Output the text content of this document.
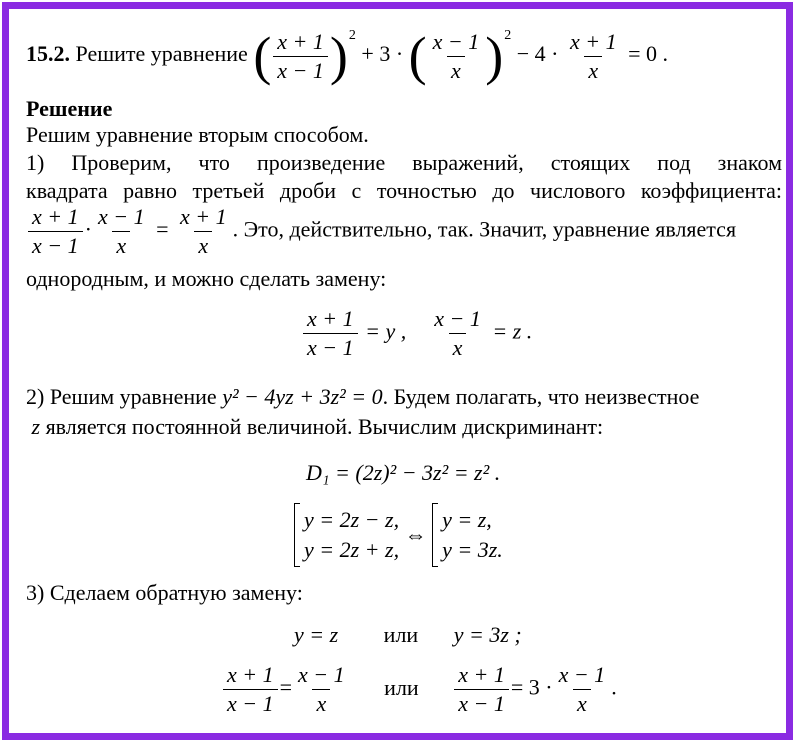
15.2. Решите уравнение ( $\frac{x + 1}{x - 1} )^2 + 3$ · ( $\frac{x - 1}{x} )^2 - 4 \cdot \frac{x + 1}{x} = 0$ .
Решение
Решим уравнение вторым способом.
1) Проверим, что произведение выражений, стоящих под знаком
квадрата равно третьей дроби с точностью до числового коэффициента:
$\frac{x + 1}{x - 1} \cdot \frac{x - 1}{x} = \frac{x + 1}{x}$ . Это, действительно, так. Значит, уравнение является
однородным, и можно сделать замену:
$\frac{x + 1}{x - 1} = y$ , $\frac{x - 1}{x} = z$ .
2) Решим уравнение y² − 4yz + 3z² = 0. Будем полагать, что неизвестное
z является постоянной величиной. Вычислим дискриминант:
D₁ = (2z)² − 3z² = z² .
y = 2z − z,
y = 2z + z,
⇔
y = z,
y = 3z.
3) Сделаем обратную замену:
y = z или y = 3z ;
$\frac{x + 1}{x - 1} = \frac{x - 1}{x}$ или $\frac{x + 1}{x - 1} = 3 \cdot \frac{x - 1}{x}$ .
